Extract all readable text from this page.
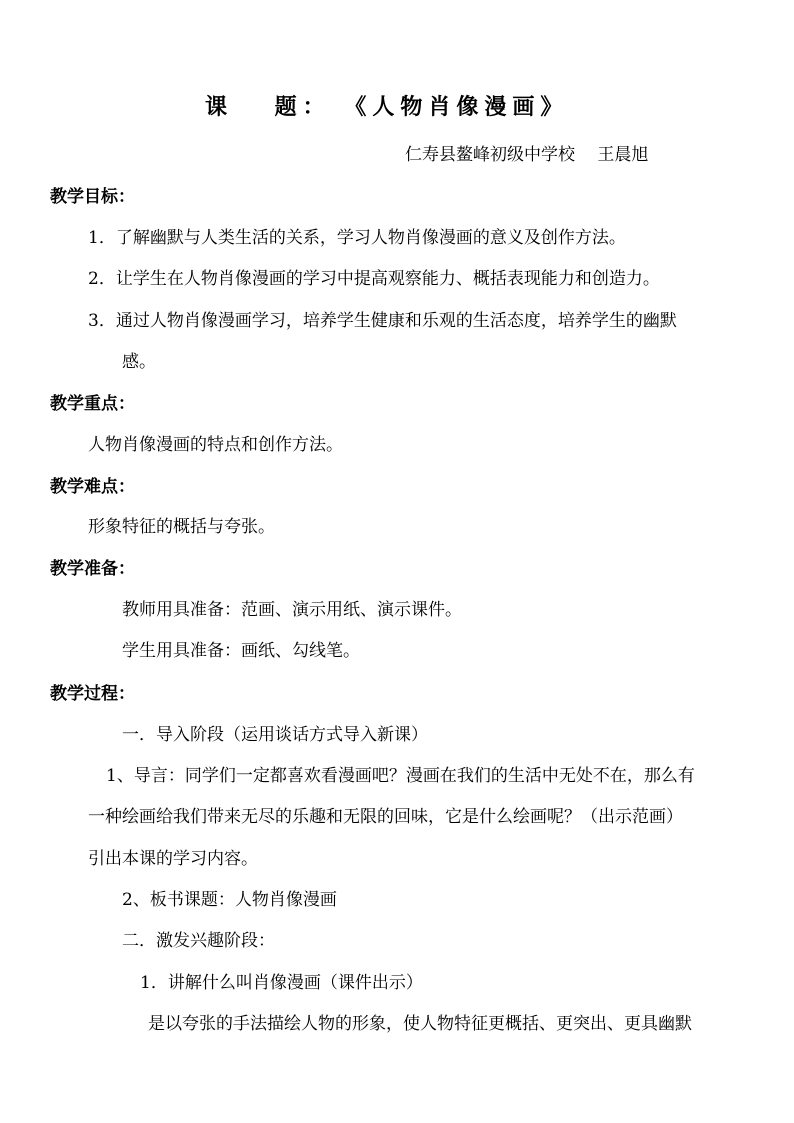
课　 题： 《人物肖像漫画》
仁寿县鳌峰初级中学校　 王晨旭
教学目标：
1．了解幽默与人类生活的关系，学习人物肖像漫画的意义及创作方法。
2．让学生在人物肖像漫画的学习中提高观察能力、概括表现能力和创造力。
3．通过人物肖像漫画学习，培养学生健康和乐观的生活态度，培养学生的幽默
感。
教学重点：
人物肖像漫画的特点和创作方法。
教学难点：
形象特征的概括与夸张。
教学准备：
教师用具准备：范画、演示用纸、演示课件。
学生用具准备：画纸、勾线笔。
教学过程：
一．导入阶段（运用谈话方式导入新课）
1、导言：同学们一定都喜欢看漫画吧？漫画在我们的生活中无处不在，那么有
一种绘画给我们带来无尽的乐趣和无限的回味，它是什么绘画呢？（出示范画）
引出本课的学习内容。
2、板书课题：人物肖像漫画
二．激发兴趣阶段：
1．讲解什么叫肖像漫画（课件出示）
是以夸张的手法描绘人物的形象，使人物特征更概括、更突出、更具幽默
